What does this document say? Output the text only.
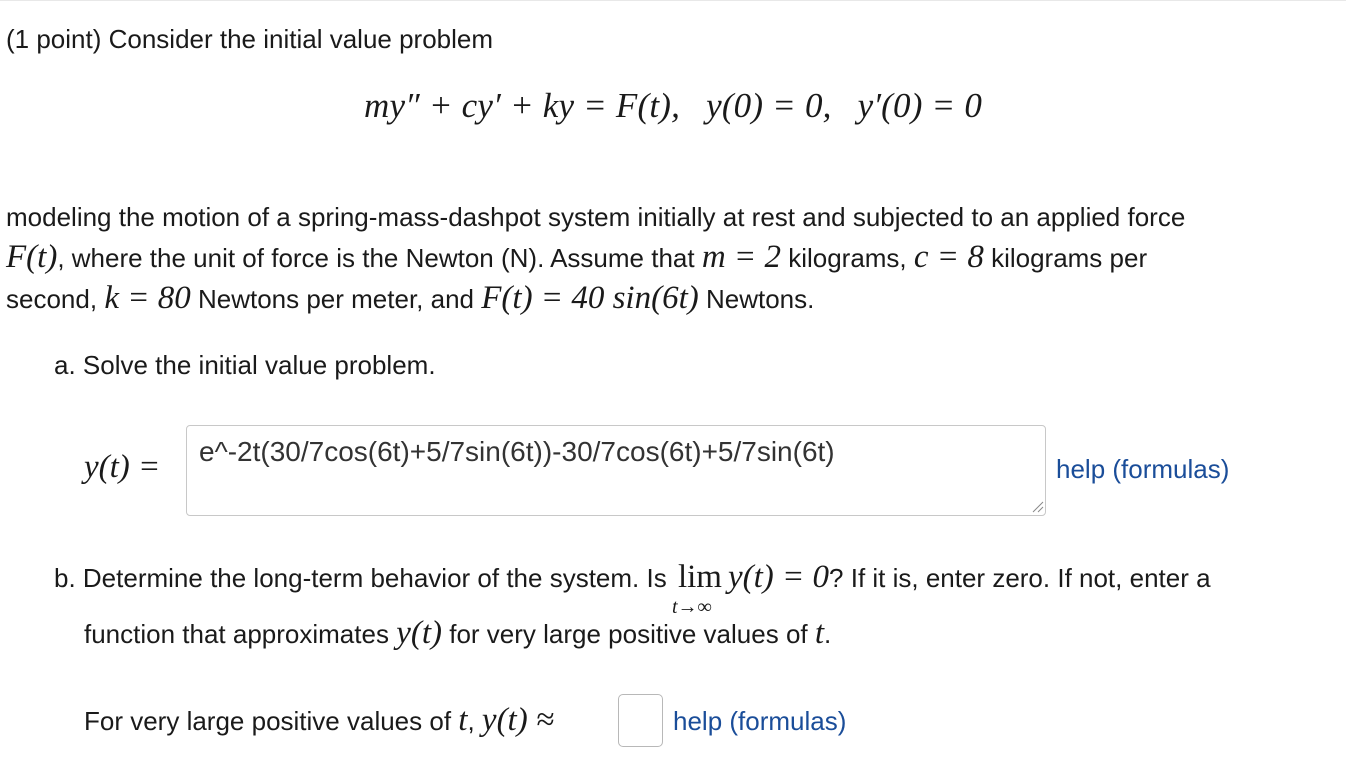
(1 point) Consider the initial value problem
my″ + cy′ + ky = F(t), y(0) = 0, y′(0) = 0
modeling the motion of a spring-mass-dashpot system initially at rest and subjected to an applied force
F(t), where the unit of force is the Newton (N). Assume that m = 2 kilograms, c = 8 kilograms per
second, k = 80 Newtons per meter, and F(t) = 40 sin(6t) Newtons.
a. Solve the initial value problem.
y(t) =
e^-2t(30/7cos(6t)+5/7sin(6t))-30/7cos(6t)+5/7sin(6t)	help (formulas)
b. Determine the long-term behavior of the system. Is lim
t→∞
y(t) = 0? If it is, enter zero. If not, enter a
function that approximates y(t) for very large positive values of t.
For very large positive values of t, y(t) ≈	help (formulas)
